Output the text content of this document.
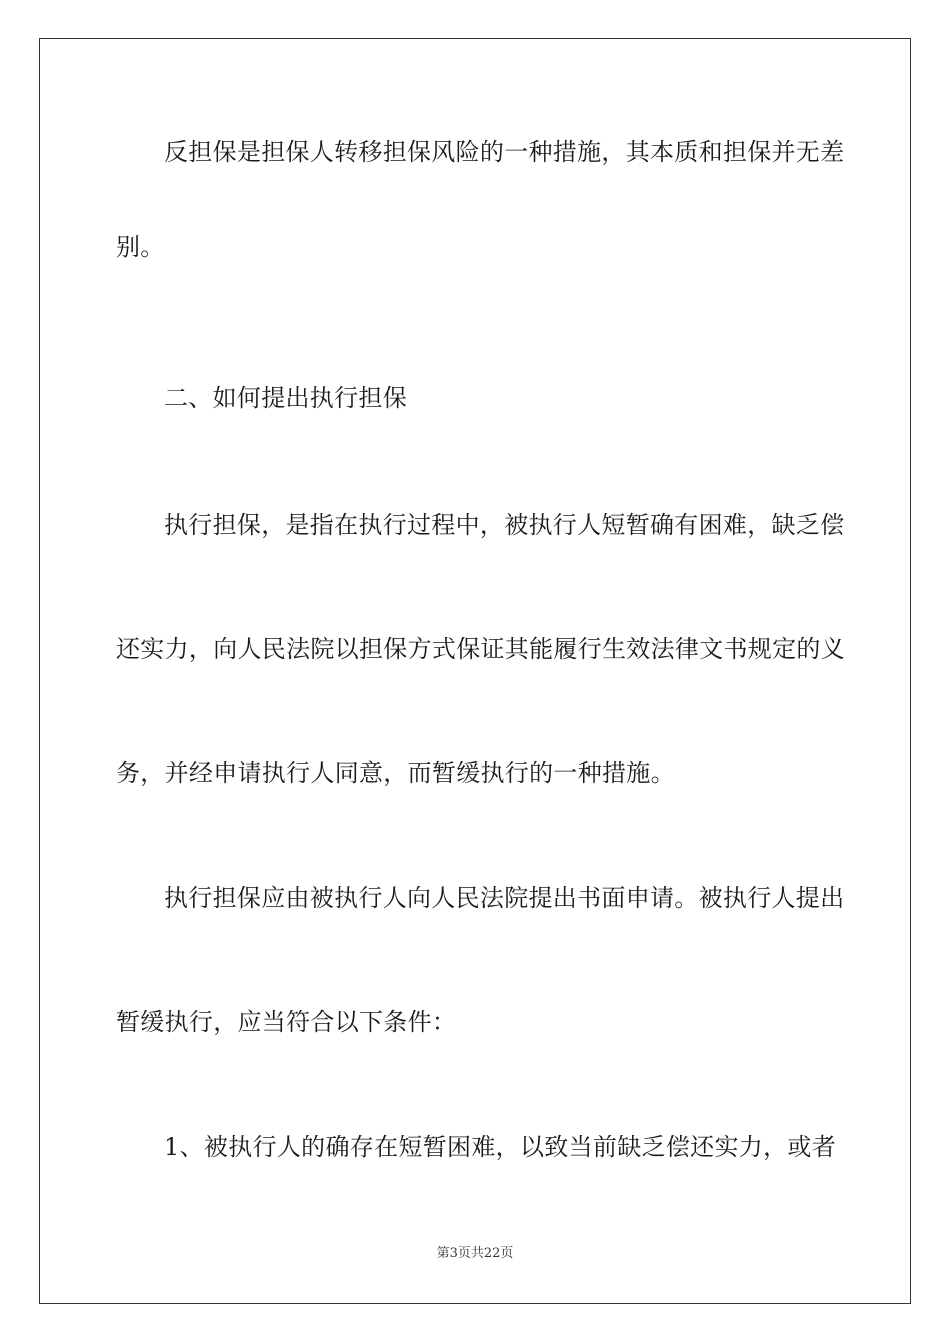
反担保是担保人转移担保风险的一种措施，其本质和担保并无差
别。
二、如何提出执行担保
执行担保，是指在执行过程中，被执行人短暂确有困难，缺乏偿
还实力，向人民法院以担保方式保证其能履行生效法律文书规定的义
务，并经申请执行人同意，而暂缓执行的一种措施。
执行担保应由被执行人向人民法院提出书面申请。被执行人提出
暂缓执行，应当符合以下条件：
1、被执行人的确存在短暂困难，以致当前缺乏偿还实力，或者
第3页共22页
